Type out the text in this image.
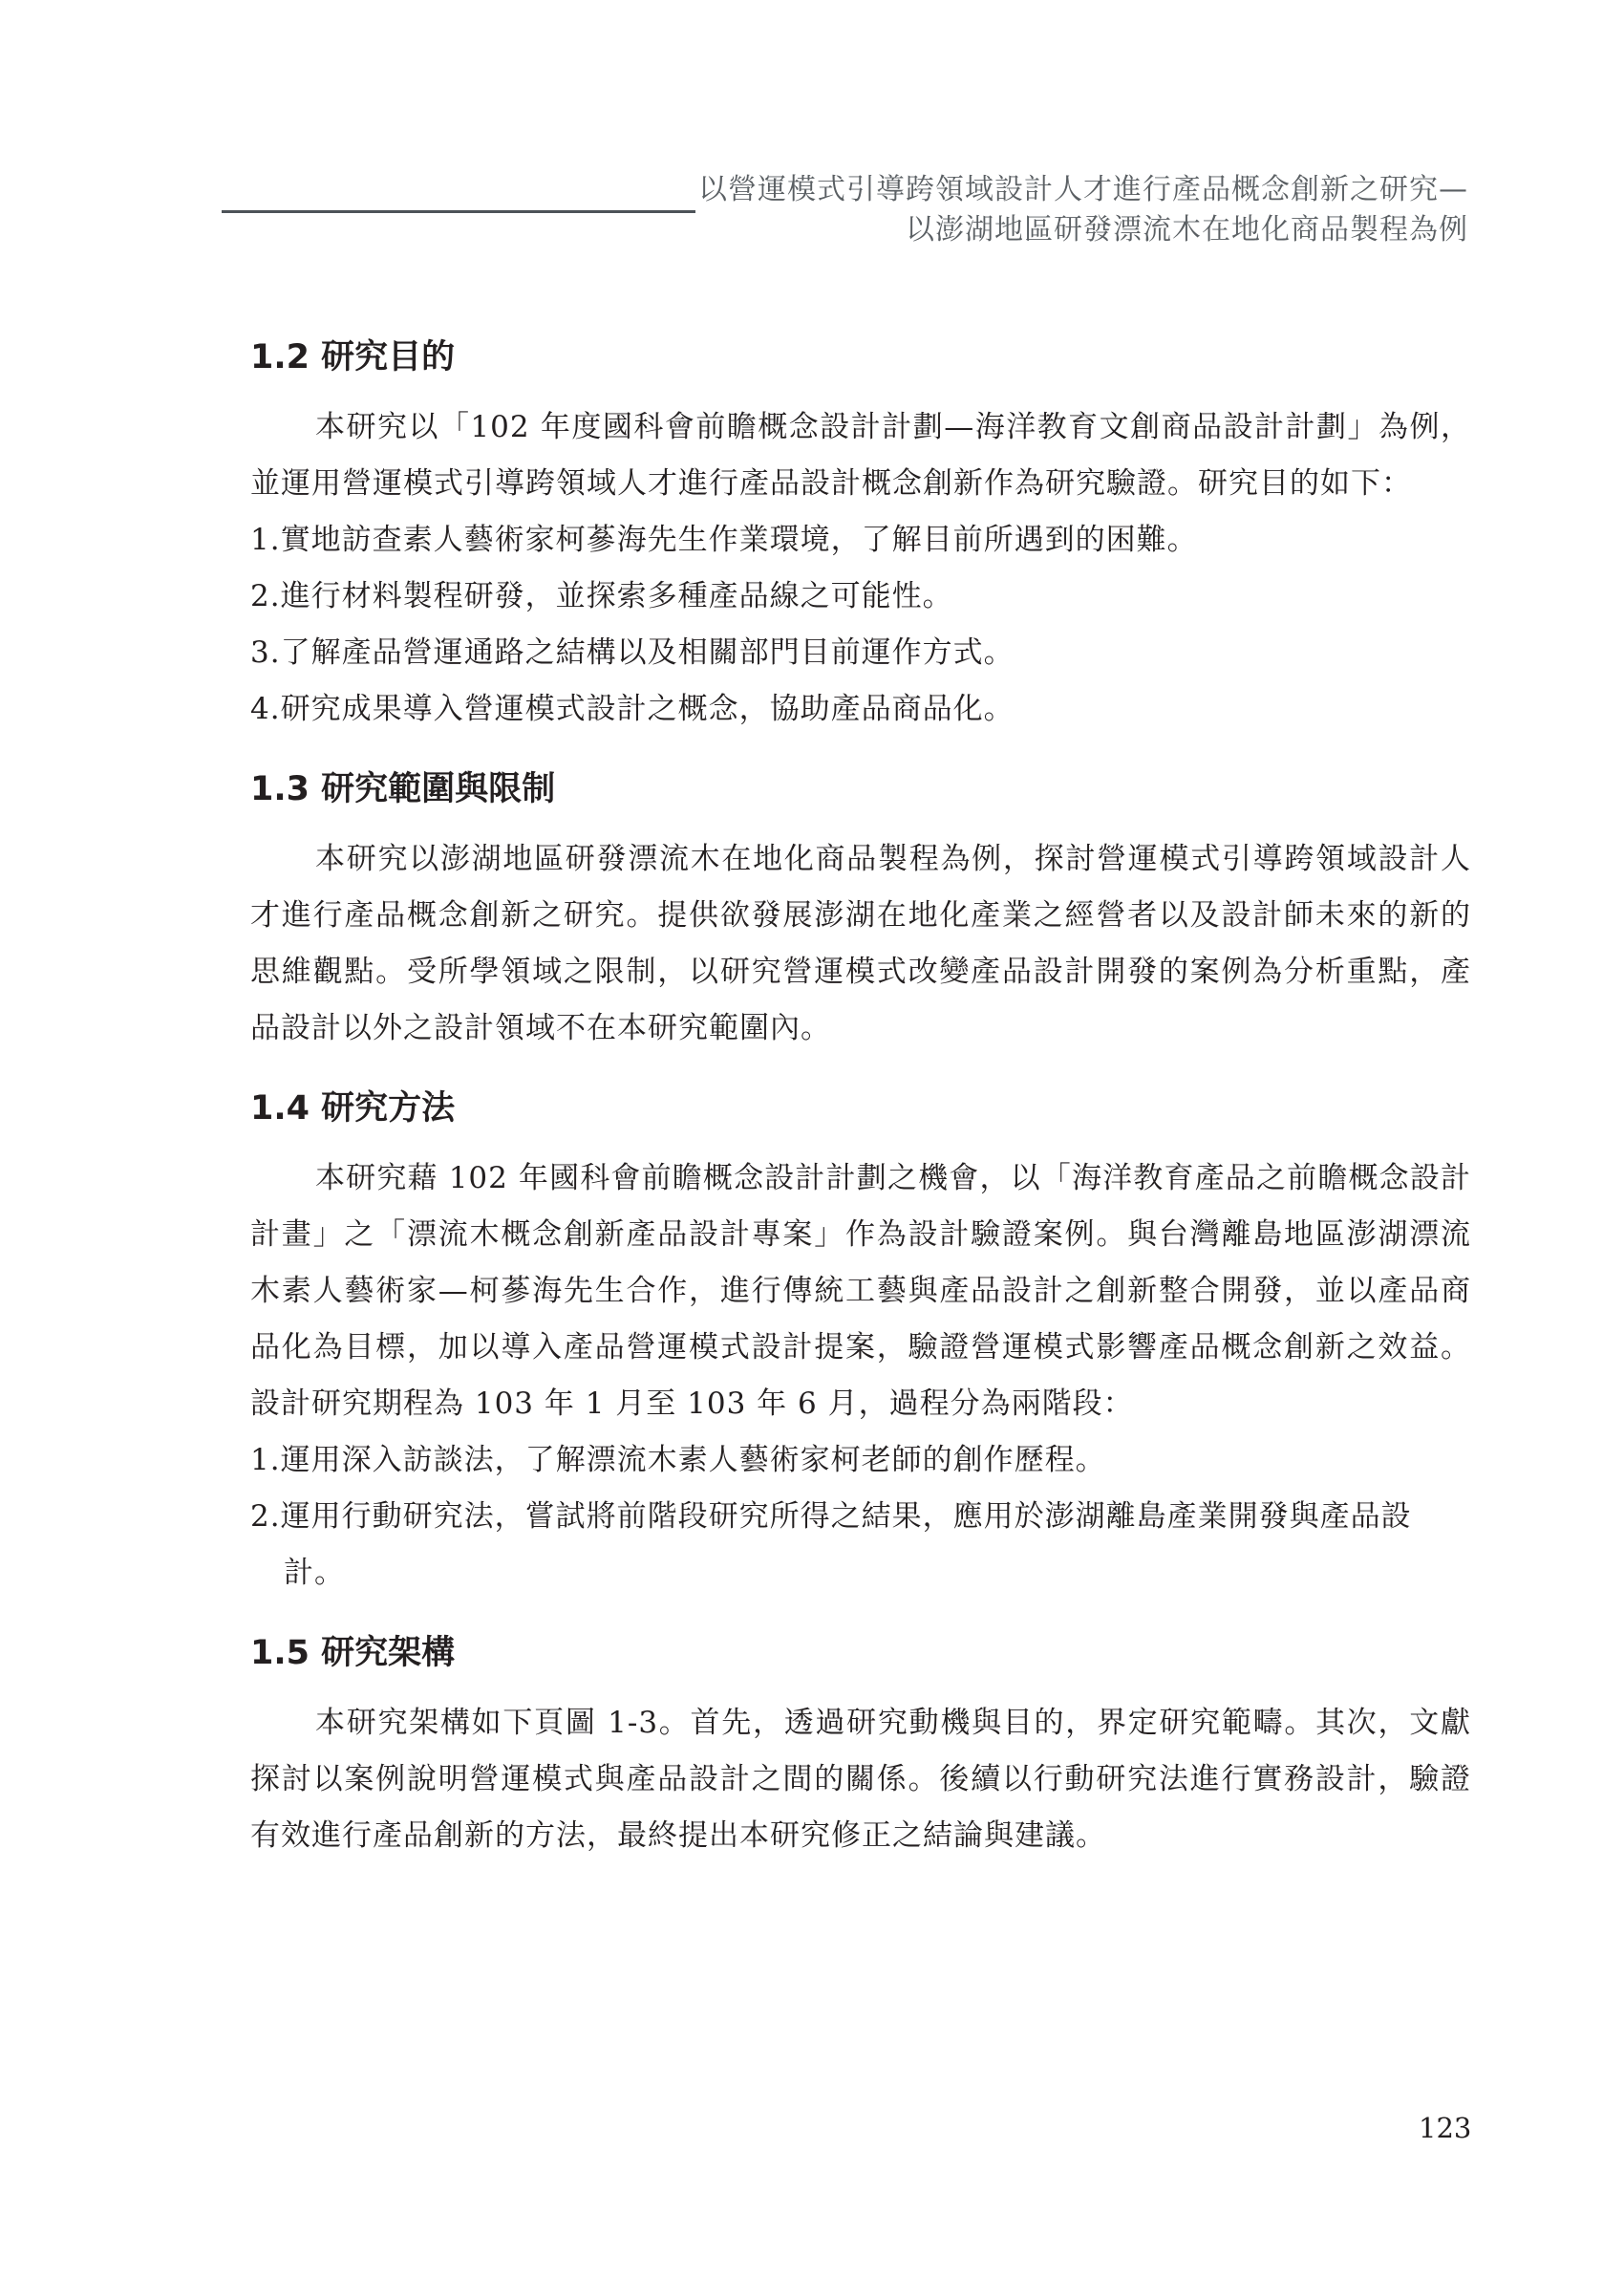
以營運模式引導跨領域設計人才進行產品概念創新之研究—
以澎湖地區研發漂流木在地化商品製程為例
1.2 研究目的

本研究以「102 年度國科會前瞻概念設計計劃—海洋教育文創商品設計計劃」為例，並運用營運模式引導跨領域人才進行產品設計概念創新作為研究驗證。研究目的如下：

1.實地訪查素人藝術家柯蔘海先生作業環境，了解目前所遇到的困難。
2.進行材料製程研發，並探索多種產品線之可能性。
3.了解產品營運通路之結構以及相關部門目前運作方式。
4.研究成果導入營運模式設計之概念，協助產品商品化。
1.3 研究範圍與限制

本研究以澎湖地區研發漂流木在地化商品製程為例，探討營運模式引導跨領域設計人才進行產品概念創新之研究。提供欲發展澎湖在地化產業之經營者以及設計師未來的新的思維觀點。受所學領域之限制，以研究營運模式改變產品設計開發的案例為分析重點，產品設計以外之設計領域不在本研究範圍內。

1.4 研究方法

本研究藉 102 年國科會前瞻概念設計計劃之機會，以「海洋教育產品之前瞻概念設計計畫」之「漂流木概念創新產品設計專案」作為設計驗證案例。與台灣離島地區澎湖漂流木素人藝術家—柯蔘海先生合作，進行傳統工藝與產品設計之創新整合開發，並以產品商品化為目標，加以導入產品營運模式設計提案，驗證營運模式影響產品概念創新之效益。設計研究期程為 103 年 1 月至 103 年 6 月，過程分為兩階段：

1.運用深入訪談法，了解漂流木素人藝術家柯老師的創作歷程。
2.運用行動研究法，嘗試將前階段研究所得之結果，應用於澎湖離島產業開發與產品設計。
1.5 研究架構

本研究架構如下頁圖 1-3。首先，透過研究動機與目的，界定研究範疇。其次，文獻探討以案例說明營運模式與產品設計之間的關係。後續以行動研究法進行實務設計，驗證有效進行產品創新的方法，最終提出本研究修正之結論與建議。

123
